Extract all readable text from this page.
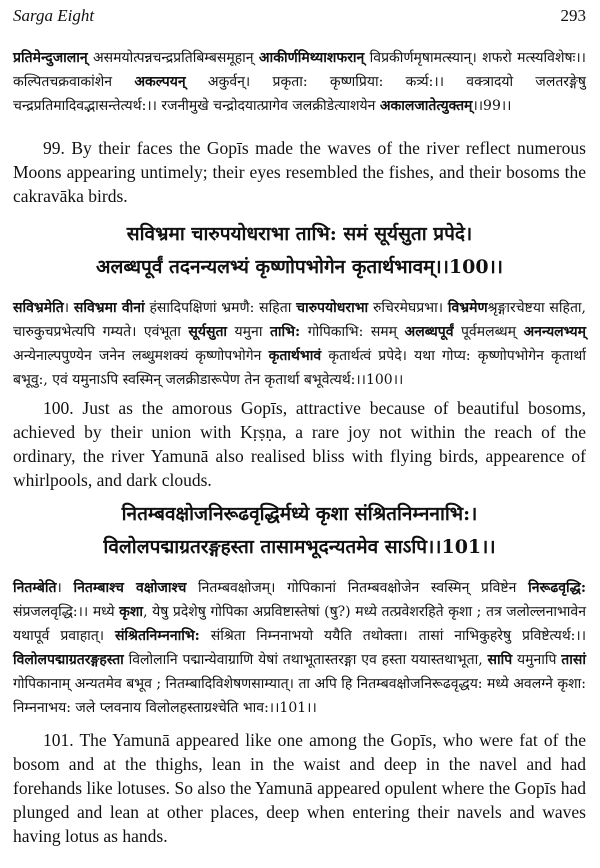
Sarga Eight	293

प्रतिमेन्दुजालान् असमयोत्पन्नचन्द्रप्रतिबिम्बसमूहान् आकीर्णमिथ्याशफरान् विप्रकीर्णमृषामत्स्यान्। शफरो मत्स्यविशेषः।। कल्पितचक्रवाकांशेन अकल्पयन् अकुर्वन्। प्रकृता: कृष्णप्रिया: कर्त्र्य:।। वक्त्रादयो जलतरङ्गेषु चन्द्रप्रतिमादिवद्भासन्तेत्यर्थ:।। रजनीमुखे चन्द्रोदयात्प्रागेव जलक्रीडेत्याशयेन अकालजातेत्युक्तम्।।99।।

99. By their faces the Gopīs made the waves of the river reflect numerous Moons appearing untimely; their eyes resembled the fishes, and their bosoms the cakravāka birds.

सविभ्रमा चारुपयोधराभा ताभि: समं सूर्यसुता प्रपेदे।

अलब्धपूर्वं तदनन्यलभ्यं कृष्णोपभोगेन कृतार्थभावम्।।100।।

सविभ्रमेति। सविभ्रमा वीनां हंसादिपक्षिणां भ्रमणै: सहिता चारुपयोधराभा रुचिरमेघप्रभा। विभ्रमेणश्रृङ्गारचेष्टया सहिता, चारुकुचप्रभेत्यपि गम्यते। एवंभूता सूर्यसुता यमुना ताभि: गोपिकाभि: समम् अलब्धपूर्वं पूर्वमलब्धम् अनन्यलभ्यम् अन्येनाल्पपुण्येन जनेन लब्धुमशक्यं कृष्णोपभोगेन कृतार्थभावं कृतार्थत्वं प्रपेदे। यथा गोप्य: कृष्णोपभोगेन कृतार्था बभूवु:, एवं यमुनाऽपि स्वस्मिन् जलक्रीडारूपेण तेन कृतार्था बभूवेत्यर्थ:।।100।।

100. Just as the amorous Gopīs, attractive because of beautiful bosoms, achieved by their union with Kṛṣṇa, a rare joy not within the reach of the ordinary, the river Yamunā also realised bliss with flying birds, appearence of whirlpools, and dark clouds.

नितम्बवक्षोजनिरूढवृद्धिर्मध्ये कृशा संश्रितनिम्ननाभि:।

विलोलपद्माग्रतरङ्गहस्ता तासामभूदन्यतमेव साऽपि।।101।।

नितम्बेति। नितम्बाश्च वक्षोजाश्च नितम्बवक्षोजम्। गोपिकानां नितम्बवक्षोजेन स्वस्मिन् प्रविष्टेन निरूढवृद्धि: संप्रजलवृद्धि:।। मध्ये कृशा, येषु प्रदेशेषु गोपिका अप्रविष्टास्तेषां (षु?) मध्ये तत्प्रवेशरहिते कृशा ; तत्र जलोल्लनाभावेन यथापूर्व प्रवाहात्। संश्रितनिम्ननाभि: संश्रिता निम्ननाभयो ययैति तथोक्ता। तासां नाभिकुहरेषु प्रविष्टेत्यर्थ:।। विलोलपद्माग्रतरङ्गहस्ता विलोलानि पद्मान्येवाग्राणि येषां तथाभूतास्तरङ्गा एव हस्ता ययास्तथाभूता, सापि यमुनापि तासां गोपिकानाम् अन्यतमेव बभूव ; नितम्बादिविशेषणसाम्यात्। ता अपि हि नितम्बवक्षोजनिरूढवृद्धय: मध्ये अवलग्ने कृशा: निम्ननाभय: जले प्लवनाय विलोलहस्ताग्रश्चेति भाव:।।101।।

101. The Yamunā appeared like one among the Gopīs, who were fat of the bosom and at the thighs, lean in the waist and deep in the navel and had forehands like lotuses. So also the Yamunā appeared opulent where the Gopīs had plunged and lean at other places, deep when entering their navels and waves having lotus as hands.
